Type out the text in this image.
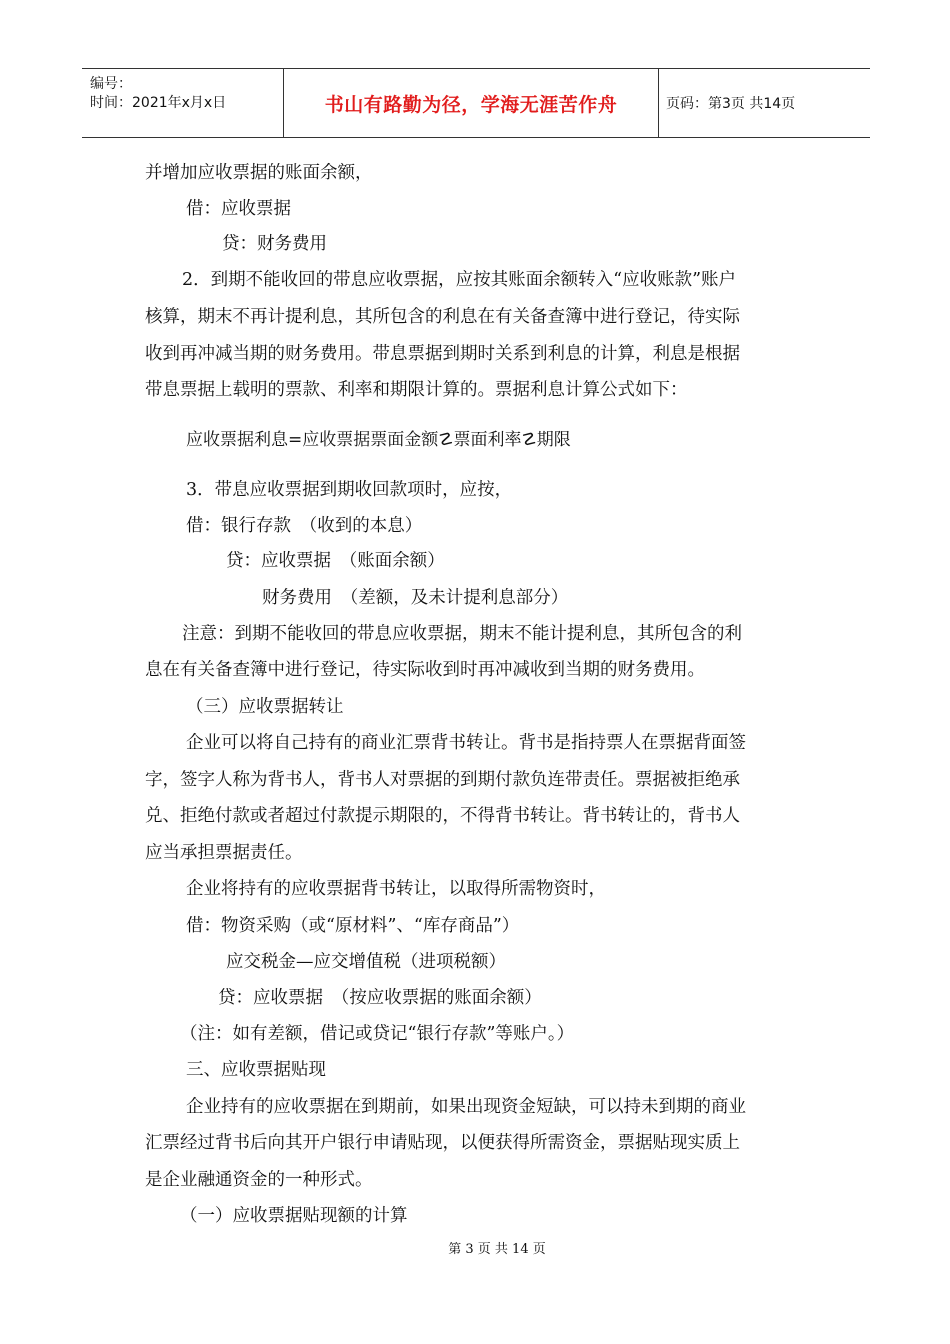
编号：
时间：2021年x月x日	书山有路勤为径，学海无涯苦作舟	页码：第3页 共14页
并增加应收票据的账面余额，
借：应收票据
贷：财务费用
2．到期不能收回的带息应收票据，应按其账面余额转入“应收账款”账户
核算，期末不再计提利息，其所包含的利息在有关备查簿中进行登记，待实际
收到再冲减当期的财务费用。带息票据到期时关系到利息的计算，利息是根据
带息票据上载明的票款、利率和期限计算的。票据利息计算公式如下：
应收票据利息=应收票据票面金额☡票面利率☡期限
3．带息应收票据到期收回款项时，应按，
借：银行存款　（收到的本息）
贷：应收票据　（账面余额）
财务费用　（差额，及未计提利息部分）
注意：到期不能收回的带息应收票据，期末不能计提利息，其所包含的利
息在有关备查簿中进行登记，待实际收到时再冲减收到当期的财务费用。
（三）应收票据转让
企业可以将自己持有的商业汇票背书转让。背书是指持票人在票据背面签
字，签字人称为背书人，背书人对票据的到期付款负连带责任。票据被拒绝承
兑、拒绝付款或者超过付款提示期限的，不得背书转让。背书转让的，背书人
应当承担票据责任。
企业将持有的应收票据背书转让，以取得所需物资时，
借：物资采购（或“原材料”、“库存商品”）
应交税金—应交增值税（进项税额）
贷：应收票据　（按应收票据的账面余额）
（注：如有差额，借记或贷记“银行存款”等账户。）
三、应收票据贴现
企业持有的应收票据在到期前，如果出现资金短缺，可以持未到期的商业
汇票经过背书后向其开户银行申请贴现，以便获得所需资金，票据贴现实质上
是企业融通资金的一种形式。
（一）应收票据贴现额的计算
第 3 页 共 14 页
